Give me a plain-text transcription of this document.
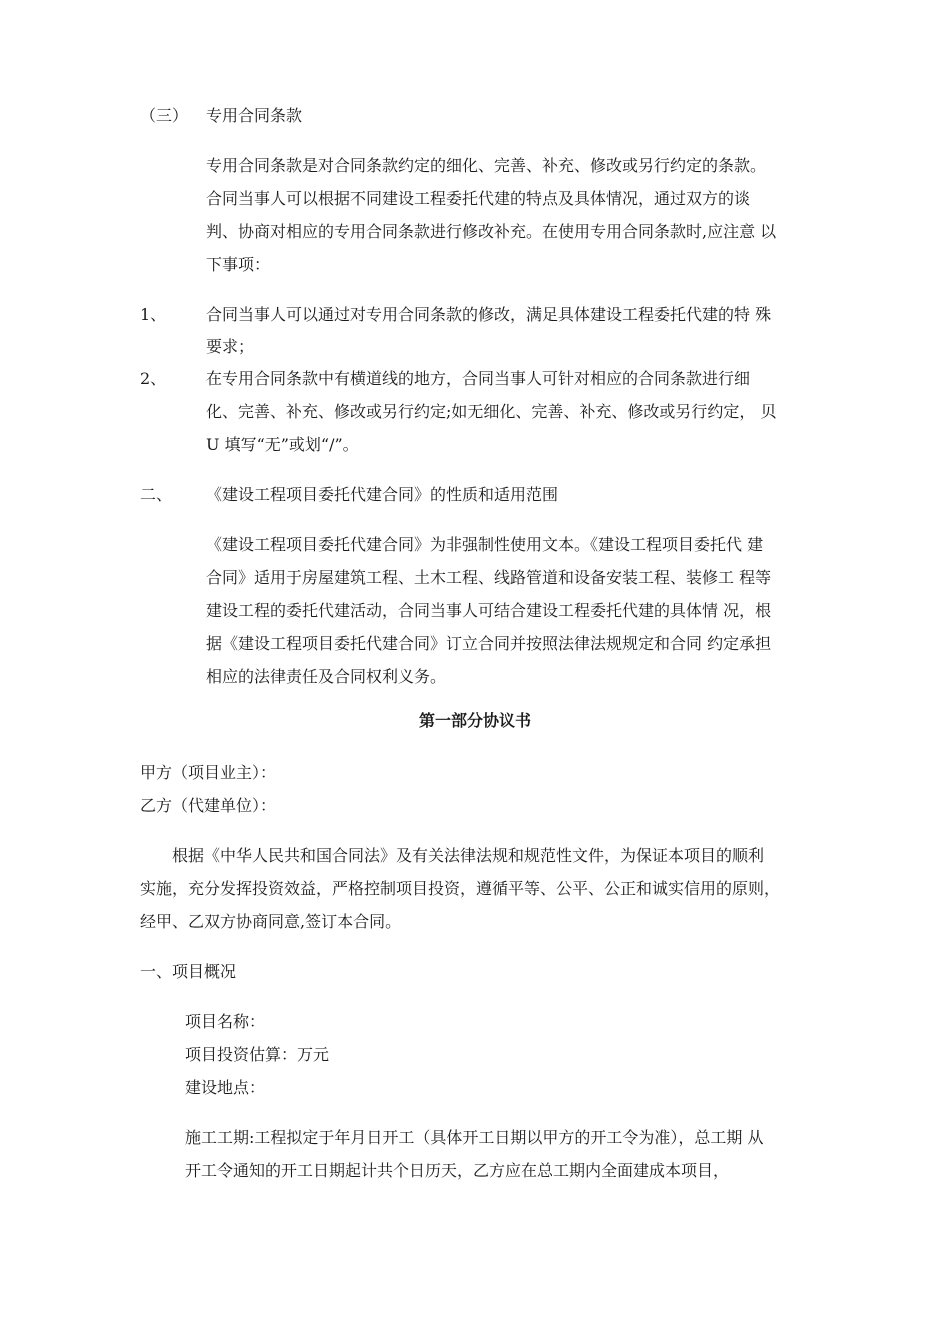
（三） 专用合同条款
专用合同条款是对合同条款约定的细化、完善、补充、修改或另行约定的条款。
合同当事人可以根据不同建设工程委托代建的特点及具体情况，通过双方的谈
判、协商对相应的专用合同条款进行修改补充。在使用专用合同条款时,应注意 以
下事项：
1、 合同当事人可以通过对专用合同条款的修改，满足具体建设工程委托代建的特 殊
要求；
2、 在专用合同条款中有横道线的地方，合同当事人可针对相应的合同条款进行细
化、完善、补充、修改或另行约定;如无细化、完善、补充、修改或另行约定， 贝
U 填写“无”或划“/”。
二、 《建设工程项目委托代建合同》的性质和适用范围
《建设工程项目委托代建合同》为非强制性使用文本。《建设工程项目委托代 建
合同》适用于房屋建筑工程、土木工程、线路管道和设备安装工程、装修工 程等
建设工程的委托代建活动，合同当事人可结合建设工程委托代建的具体情 况，根
据《建设工程项目委托代建合同》订立合同并按照法律法规规定和合同 约定承担
相应的法律责任及合同权利义务。
第一部分协议书
甲方（项目业主）：
乙方（代建单位）：
根据《中华人民共和国合同法》及有关法律法规和规范性文件，为保证本项目的顺利
实施，充分发挥投资效益，严格控制项目投资，遵循平等、公平、公正和诚实信用的原则，
经甲、乙双方协商同意,签订本合同。
一、项目概况
项目名称：
项目投资估算：万元
建设地点：
施工工期:工程拟定于年月日开工（具体开工日期以甲方的开工令为准），总工期 从
开工令通知的开工日期起计共个日历天，乙方应在总工期内全面建成本项目，
